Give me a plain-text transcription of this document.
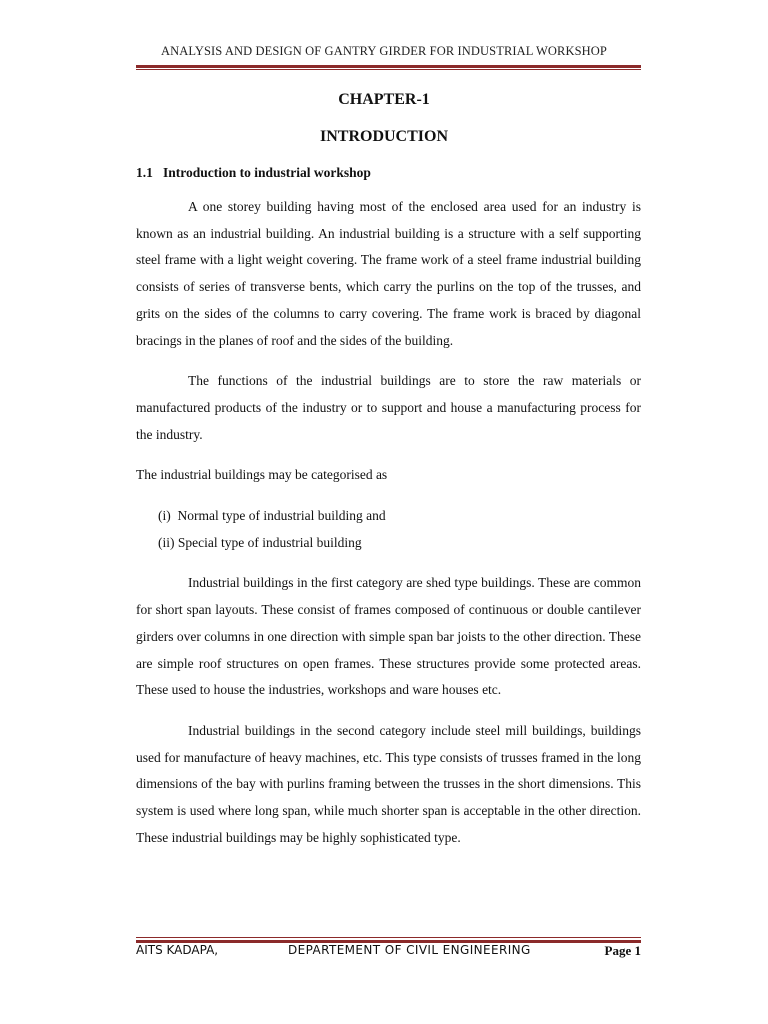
ANALYSIS AND DESIGN OF GANTRY GIRDER FOR INDUSTRIAL WORKSHOP
CHAPTER-1
INTRODUCTION
1.1   Introduction to industrial workshop

A one storey building having most of the enclosed area used for an industry is known as an industrial building. An industrial building is a structure with a self supporting steel frame with a light weight covering. The frame work of a steel frame industrial building consists of series of transverse bents, which carry the purlins on the top of the trusses, and grits on the sides of the columns to carry covering. The frame work is braced by diagonal bracings in the planes of roof and the sides of the building.

The functions of the industrial buildings are to store the raw materials or manufactured products of the industry or to support and house a manufacturing process for the industry.

The industrial buildings may be categorised as

(i)  Normal type of industrial building and
(ii) Special type of industrial building

Industrial buildings in the first category are shed type buildings. These are common for short span layouts. These consist of frames composed of continuous or double cantilever girders over columns in one direction with simple span bar joists to the other direction. These are simple roof structures on open frames. These structures provide some protected areas. These used to house the industries, workshops and ware houses etc.

Industrial buildings in the second category include steel mill buildings, buildings used for manufacture of heavy machines, etc. This type consists of trusses framed in the long dimensions of the bay with purlins framing between the trusses in the short dimensions. This system is used where long span, while much shorter span is acceptable in the other direction. These industrial buildings may be highly sophisticated type.

AITS KADAPA,	DEPARTEMENT OF CIVIL ENGINEERING	Page 1
